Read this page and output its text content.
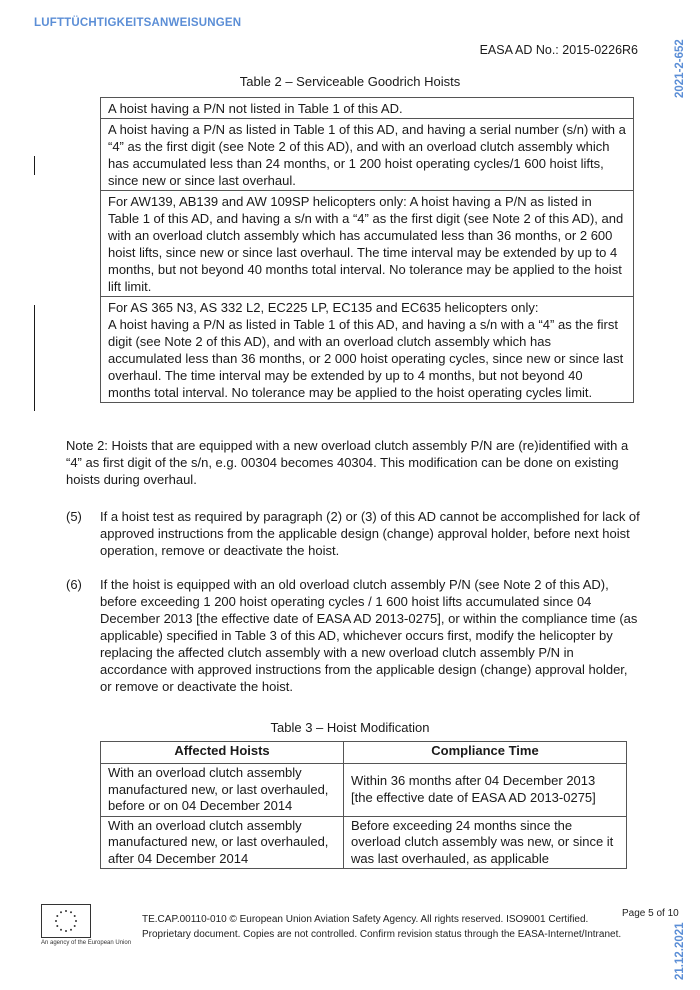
LUFTTÜCHTIGKEITSANWEISUNGEN
2021-2-652
21.12.2021
EASA AD No.: 2015-0226R6
Table 2 – Serviceable Goodrich Hoists
A hoist having a P/N not listed in Table 1 of this AD.
A hoist having a P/N as listed in Table 1 of this AD, and having a serial number (s/n) with a “4” as the first digit (see Note 2 of this AD), and with an overload clutch assembly which has accumulated less than 24 months, or 1 200 hoist operating cycles/1 600 hoist lifts, since new or since last overhaul.
For AW139, AB139 and AW 109SP helicopters only: A hoist having a P/N as listed in Table 1 of this AD, and having a s/n with a “4” as the first digit (see Note 2 of this AD), and with an overload clutch assembly which has accumulated less than 36 months, or 2 600 hoist lifts, since new or since last overhaul. The time interval may be extended by up to 4 months, but not beyond 40 months total interval. No tolerance may be applied to the hoist lift limit.

For AS 365 N3, AS 332 L2, EC225 LP, EC135 and EC635 helicopters only:
A hoist having a P/N as listed in Table 1 of this AD, and having a s/n with a “4” as the first digit (see Note 2 of this AD), and with an overload clutch assembly which has accumulated less than 36 months, or 2 000 hoist operating cycles, since new or since last overhaul. The time interval may be extended by up to 4 months, but not beyond 40 months total interval. No tolerance may be applied to the hoist operating cycles limit.
Note 2: Hoists that are equipped with a new overload clutch assembly P/N are (re)identified with a “4” as first digit of the s/n, e.g. 00304 becomes 40304. This modification can be done on existing hoists during overhaul.
(5) If a hoist test as required by paragraph (2) or (3) of this AD cannot be accomplished for lack of approved instructions from the applicable design (change) approval holder, before next hoist operation, remove or deactivate the hoist.
(6) If the hoist is equipped with an old overload clutch assembly P/N (see Note 2 of this AD), before exceeding 1 200 hoist operating cycles / 1 600 hoist lifts accumulated since 04 December 2013 [the effective date of EASA AD 2013-0275], or within the compliance time (as applicable) specified in Table 3 of this AD, whichever occurs first, modify the helicopter by replacing the affected clutch assembly with a new overload clutch assembly P/N in accordance with approved instructions from the applicable design (change) approval holder, or remove or deactivate the hoist.
Table 3 – Hoist Modification
Affected Hoists	Compliance Time
With an overload clutch assembly manufactured new, or last overhauled, before or on 04 December 2014	Within 36 months after 04 December 2013 [the effective date of EASA AD 2013-0275]
With an overload clutch assembly manufactured new, or last overhauled, after 04 December 2014	Before exceeding 24 months since the overload clutch assembly was new, or since it was last overhauled, as applicable
An agency of the European Union
TE.CAP.00110-010 © European Union Aviation Safety Agency. All rights reserved. ISO9001 Certified.
Proprietary document. Copies are not controlled. Confirm revision status through the EASA-Internet/Intranet.
Page 5 of 10
